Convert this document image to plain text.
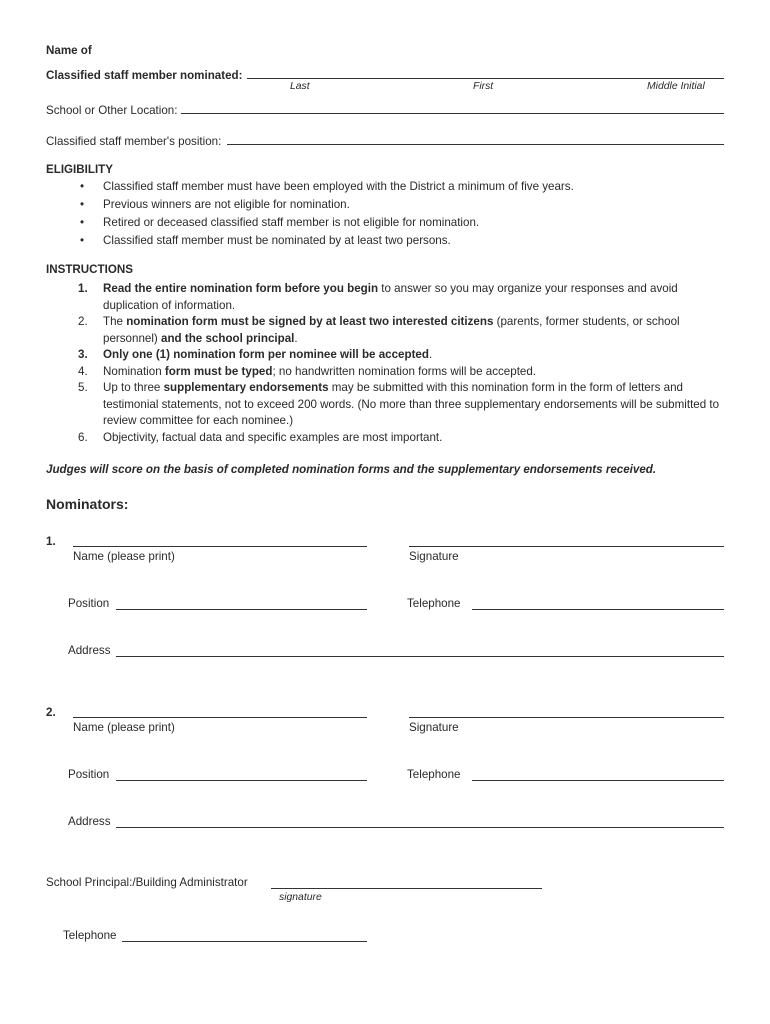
Name of
Classified staff member nominated:
Last	First	Middle Initial
School or Other Location:
Classified staff member's position:
ELIGIBILITY
• Classified staff member must have been employed with the District a minimum of five years.
• Previous winners are not eligible for nomination.
• Retired or deceased classified staff member is not eligible for nomination.
• Classified staff member must be nominated by at least two persons.
INSTRUCTIONS
1. Read the entire nomination form before you begin to answer so you may organize your responses and avoid duplication of information.
2. The nomination form must be signed by at least two interested citizens (parents, former students, or school personnel) and the school principal.
3. Only one (1) nomination form per nominee will be accepted.
4. Nomination form must be typed; no handwritten nomination forms will be accepted.
5. Up to three supplementary endorsements may be submitted with this nomination form in the form of letters and testimonial statements, not to exceed 200 words. (No more than three supplementary endorsements will be submitted to review committee for each nominee.)
6. Objectivity, factual data and specific examples are most important.
Judges will score on the basis of completed nomination forms and the supplementary endorsements received.
Nominators:
1.
Name (please print)	Signature
Position	Telephone
Address
2.
Name (please print)	Signature
Position	Telephone
Address
School Principal:/Building Administrator
signature
Telephone
